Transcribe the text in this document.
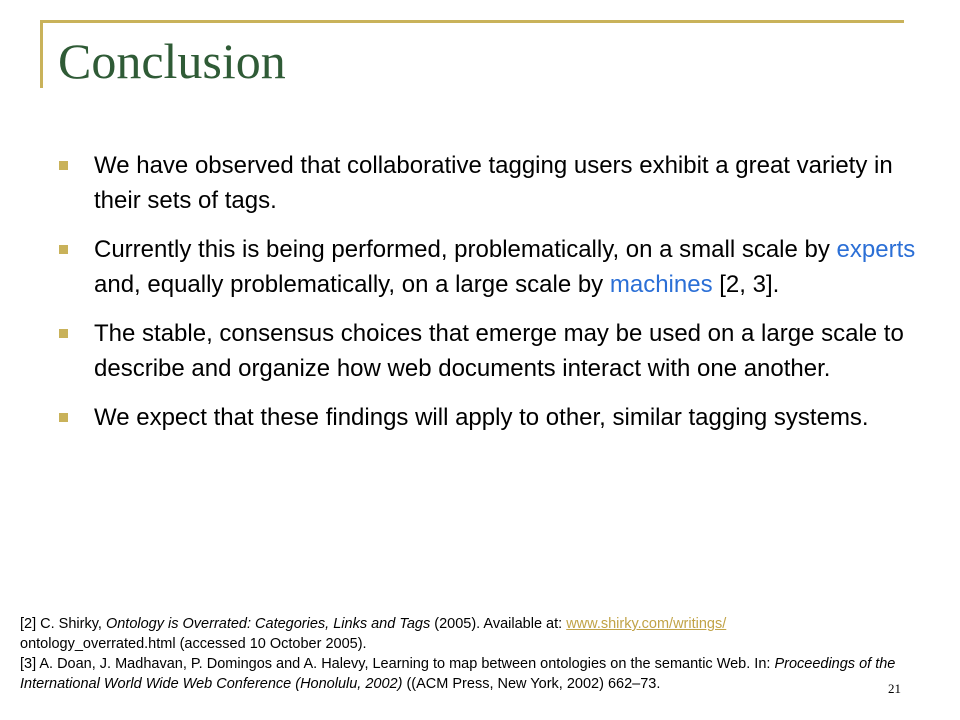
Conclusion
We have observed that collaborative tagging users exhibit a great variety in their sets of tags.
Currently this is being performed, problematically, on a small scale by experts and, equally problematically, on a large scale by machines [2, 3].
The stable, consensus choices that emerge may be used on a large scale to describe and organize how web documents interact with one another.
We expect that these findings will apply to other, similar tagging systems.

[2] C. Shirky, Ontology is Overrated: Categories, Links and Tags (2005). Available at: www.shirky.com/writings/
ontology_overrated.html (accessed 10 October 2005).

[3] A. Doan, J. Madhavan, P. Domingos and A. Halevy, Learning to map between ontologies on the semantic Web. In: Proceedings of the International World Wide Web Conference (Honolulu, 2002) ((ACM Press, New York, 2002) 662–73.	21
